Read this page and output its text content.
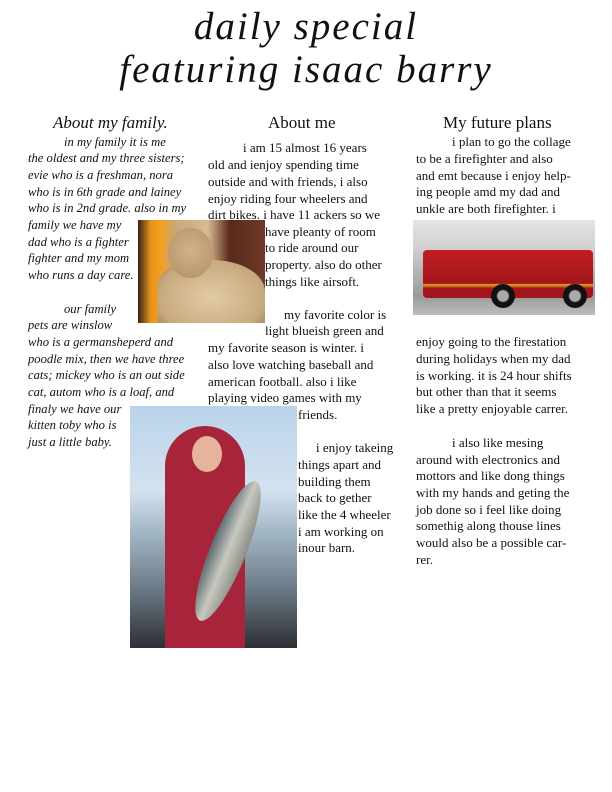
daily special
featuring isaac barry
About my family.	About me	My future plans
in my family it is me
the oldest and my three sisters;
evie who is a freshman, nora
who is in 6th grade and lainey
who is in 2nd grade. also in my
family we have my
dad who is a fighter
fighter and my mom
who runs a day care.
our family
pets are winslow
who is a germansheperd and
poodle mix, then we have three
cats; mickey who is an out side
cat, autom who is a loaf, and
finaly we have our
kitten toby who is
just a little baby.
i am 15 almost 16 years
old and ienjoy spending time
outside and with friends, i also
enjoy riding four wheelers and
dirt bikes. i have 11 ackers so we
have pleanty of room
to ride around our
property. also do other
things like airsoft.
my favorite color is
light blueish green and
my favorite season is winter. i
also love watching baseball and
american football. also i like
playing video games with my
friends.
i enjoy takeing
things apart and
building them
back to gether
like the 4 wheeler
i am working on
inour barn.
i plan to go the collage
to be a firefighter and also
and emt because i enjoy help-
ing people amd my dad and
unkle are both firefighter. i
enjoy going to the firestation
during holidays when my dad
is working. it is 24 hour shifts
but other than that it seems
like a pretty enjoyable carrer.
i also like mesing
around with electronics and
mottors and like dong things
with my hands and geting the
job done so i feel like doing
somethig along thouse lines
would also be a possible car-
rer.
